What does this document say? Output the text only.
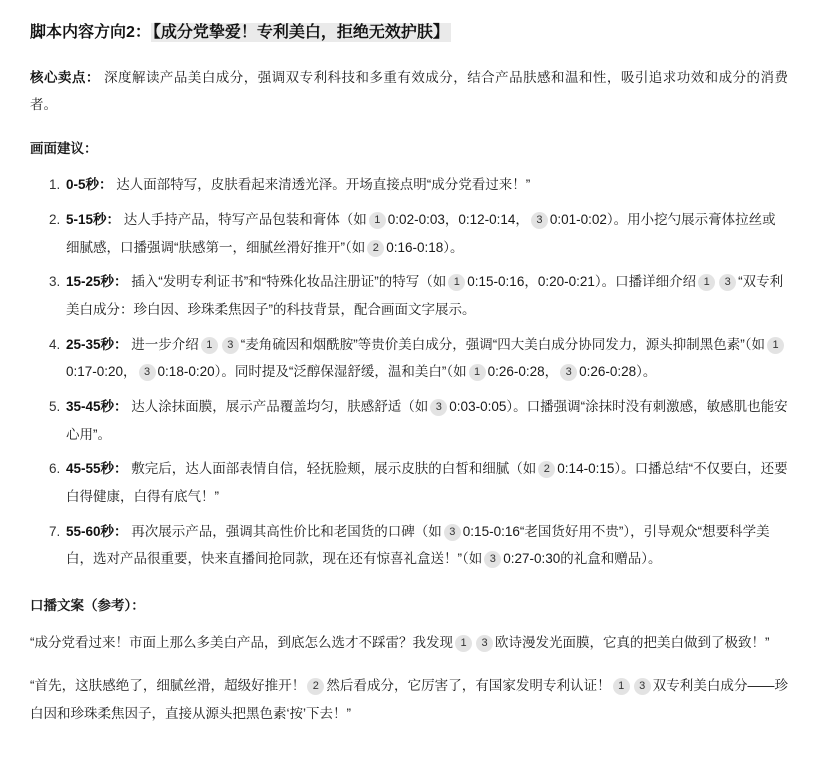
脚本内容方向2： 【成分党挚爱！专利美白，拒绝无效护肤】

核心卖点： 深度解读产品美白成分，强调双专利科技和多重有效成分，结合产品肤感和温和性，吸引追求功效和成分的消费者。

画面建议：
1. 0-5秒： 达人面部特写，皮肤看起来清透光泽。开场直接点明“成分党看过来！”
2. 5-15秒： 达人手持产品，特写产品包装和膏体（如 1 0:02-0:03，0:12-0:14， 3 0:01-0:02）。用小挖勺展示膏体拉丝或细腻感，口播强调“肤感第一，细腻丝滑好推开”（如 2 0:16-0:18）。
3. 15-25秒： 插入“发明专利证书”和“特殊化妆品注册证”的特写（如 1 0:15-0:16，0:20-0:21）。口播详细介绍 1 3 “双专利美白成分：珍白因、珍珠柔焦因子”的科技背景，配合画面文字展示。
4. 25-35秒： 进一步介绍 1 3 “麦角硫因和烟酰胺”等贵价美白成分，强调“四大美白成分协同发力，源头抑制黑色素”（如 10:17-0:20， 3 0:18-0:20）。同时提及“泛醇保湿舒缓，温和美白”（如 1 0:26-0:28， 3 0:26-0:28）。
5. 35-45秒： 达人涂抹面膜，展示产品覆盖均匀，肤感舒适（如 3 0:03-0:05）。口播强调“涂抹时没有刺激感，敏感肌也能安心用”。
6. 45-55秒： 敷完后，达人面部表情自信，轻抚脸颊，展示皮肤的白皙和细腻（如 2 0:14-0:15）。口播总结“不仅要白，还要白得健康，白得有底气！”
7. 55-60秒： 再次展示产品，强调其高性价比和老国货的口碑（如 3 0:15-0:16“老国货好用不贵”），引导观众“想要科学美白，选对产品很重要，快来直播间抢同款，现在还有惊喜礼盒送！”（如 3 0:27-0:30的礼盒和赠品）。
口播文案（参考）：

“成分党看过来！市面上那么多美白产品，到底怎么选才不踩雷？我发现 1 3 欧诗漫发光面膜，它真的把美白做到了极致！”

“首先，这肤感绝了，细腻丝滑，超级好推开！ 2 然后看成分，它厉害了，有国家发明专利认证！ 1 3 双专利美白成分——珍白因和珍珠柔焦因子，直接从源头把黑色素‘按’下去！”
